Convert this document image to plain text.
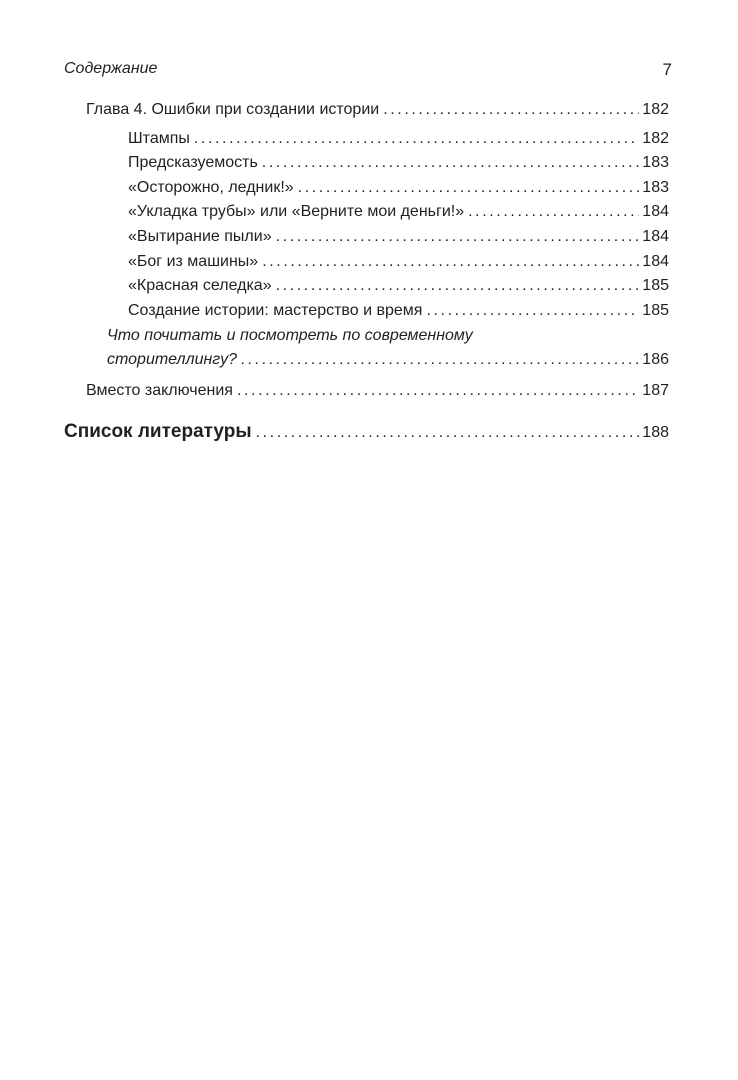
Содержание	7
Глава 4. Ошибки при создании истории .....	182
Штампы .....	182
Предсказуемость .....	183
«Осторожно, ледник!» .....	183
«Укладка трубы» или «Верните мои деньги!» .....	184
«Вытирание пыли» .....	184
«Бог из машины» .....	184
«Красная селедка» .....	185
Создание истории: мастерство и время .....	185
Что почитать и посмотреть по современному
сторителлингу? .....	186
Вместо заключения .....	187
Список литературы .....	188
